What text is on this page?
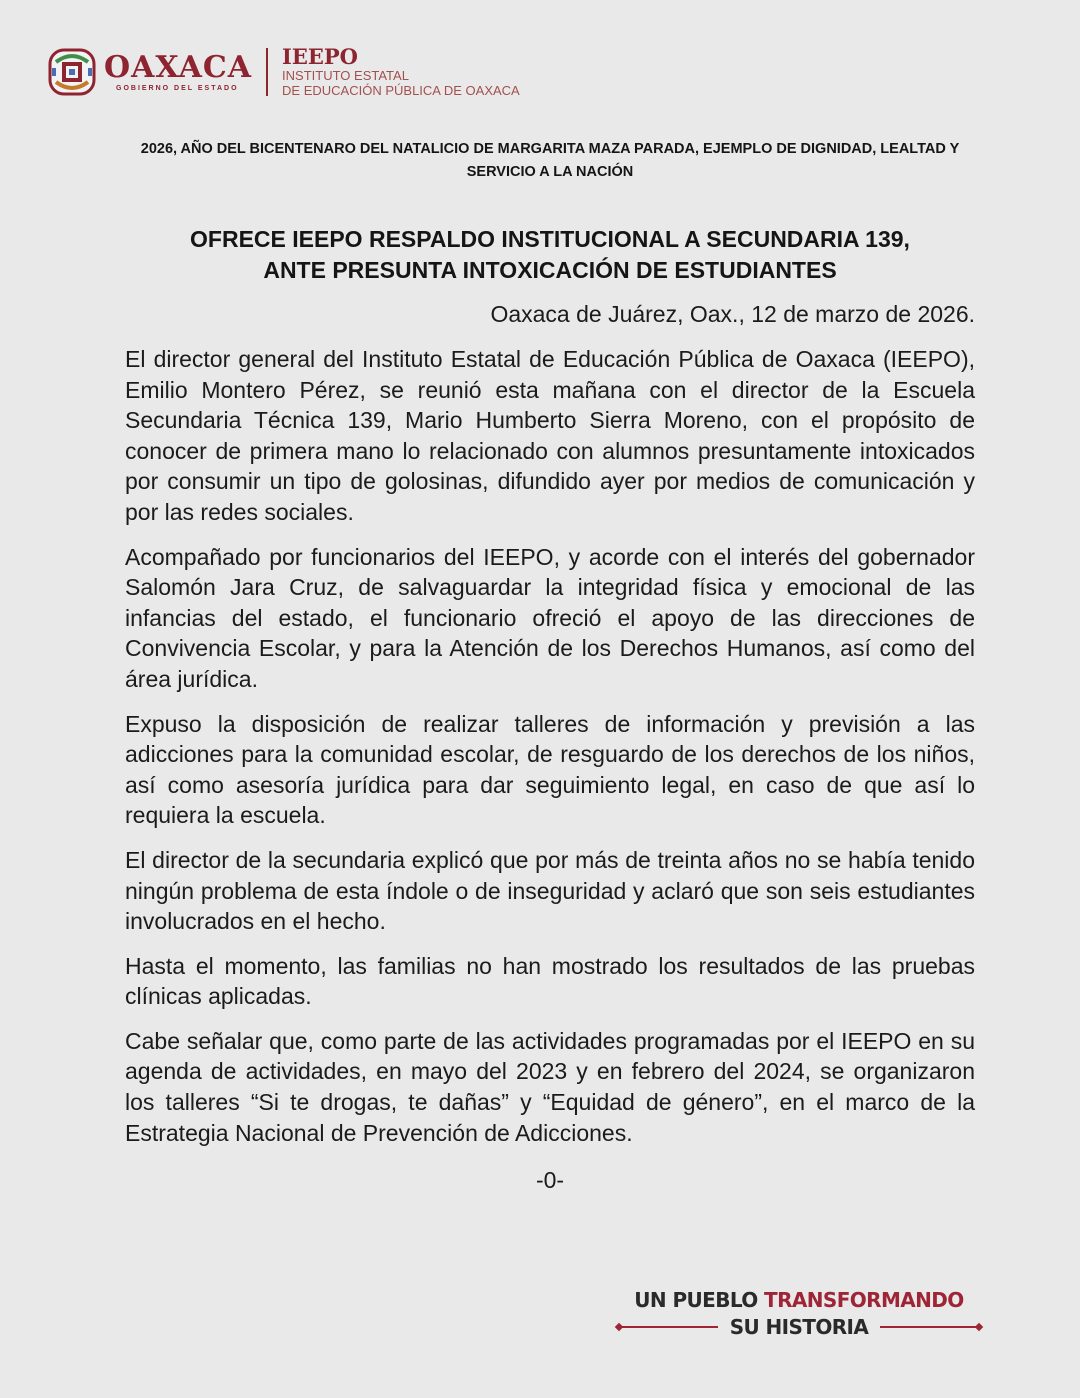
OAXACA
GOBIERNO DEL ESTADO
IEEPO
INSTITUTO ESTATAL
DE EDUCACIÓN PÚBLICA DE OAXACA
2026, AÑO DEL BICENTENARO DEL NATALICIO DE MARGARITA MAZA PARADA, EJEMPLO DE DIGNIDAD, LEALTAD Y
SERVICIO A LA NACIÓN
OFRECE IEEPO RESPALDO INSTITUCIONAL A SECUNDARIA 139,
ANTE PRESUNTA INTOXICACIÓN DE ESTUDIANTES
Oaxaca de Juárez, Oax., 12 de marzo de 2026.

El director general del Instituto Estatal de Educación Pública de Oaxaca (IEEPO), Emilio Montero Pérez, se reunió esta mañana con el director de la Escuela Secundaria Técnica 139, Mario Humberto Sierra Moreno, con el propósito de conocer de primera mano lo relacionado con alumnos presuntamente intoxicados por consumir un tipo de golosinas, difundido ayer por medios de comunicación y por las redes sociales.

Acompañado por funcionarios del IEEPO, y acorde con el interés del gobernador Salomón Jara Cruz, de salvaguardar la integridad física y emocional de las infancias del estado, el funcionario ofreció el apoyo de las direcciones de Convivencia Escolar, y para la Atención de los Derechos Humanos, así como del área jurídica.

Expuso la disposición de realizar talleres de información y previsión a las adicciones para la comunidad escolar, de resguardo de los derechos de los niños, así como asesoría jurídica para dar seguimiento legal, en caso de que así lo requiera la escuela.

El director de la secundaria explicó que por más de treinta años no se había tenido ningún problema de esta índole o de inseguridad y aclaró que son seis estudiantes involucrados en el hecho.

Hasta el momento, las familias no han mostrado los resultados de las pruebas clínicas aplicadas.

Cabe señalar que, como parte de las actividades programadas por el IEEPO en su agenda de actividades, en mayo del 2023 y en febrero del 2024, se organizaron los talleres “Si te drogas, te dañas” y “Equidad de género”, en el marco de la Estrategia Nacional de Prevención de Adicciones.

-0-
UN PUEBLO TRANSFORMANDO
SU HISTORIA
